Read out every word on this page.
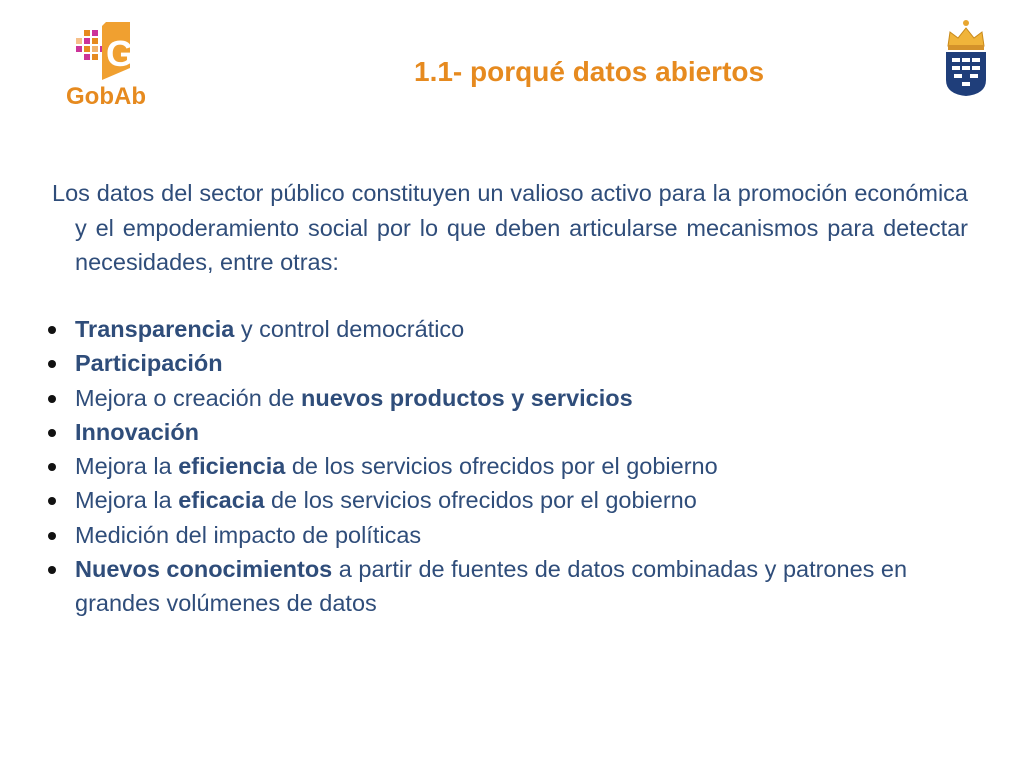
G
GobAb
1.1- porqué datos abiertos
Los datos del sector público constituyen un valioso activo para la promoción económica y el empoderamiento social por lo que deben articularse mecanismos para detectar necesidades, entre otras:
Transparencia y control democrático
Participación
Mejora o creación de nuevos productos y servicios
Innovación
Mejora la eficiencia de los servicios ofrecidos por el gobierno
Mejora la eficacia de los servicios ofrecidos por el gobierno
Medición del impacto de políticas
Nuevos conocimientos a partir de fuentes de datos combinadas y patrones en grandes volúmenes de datos
